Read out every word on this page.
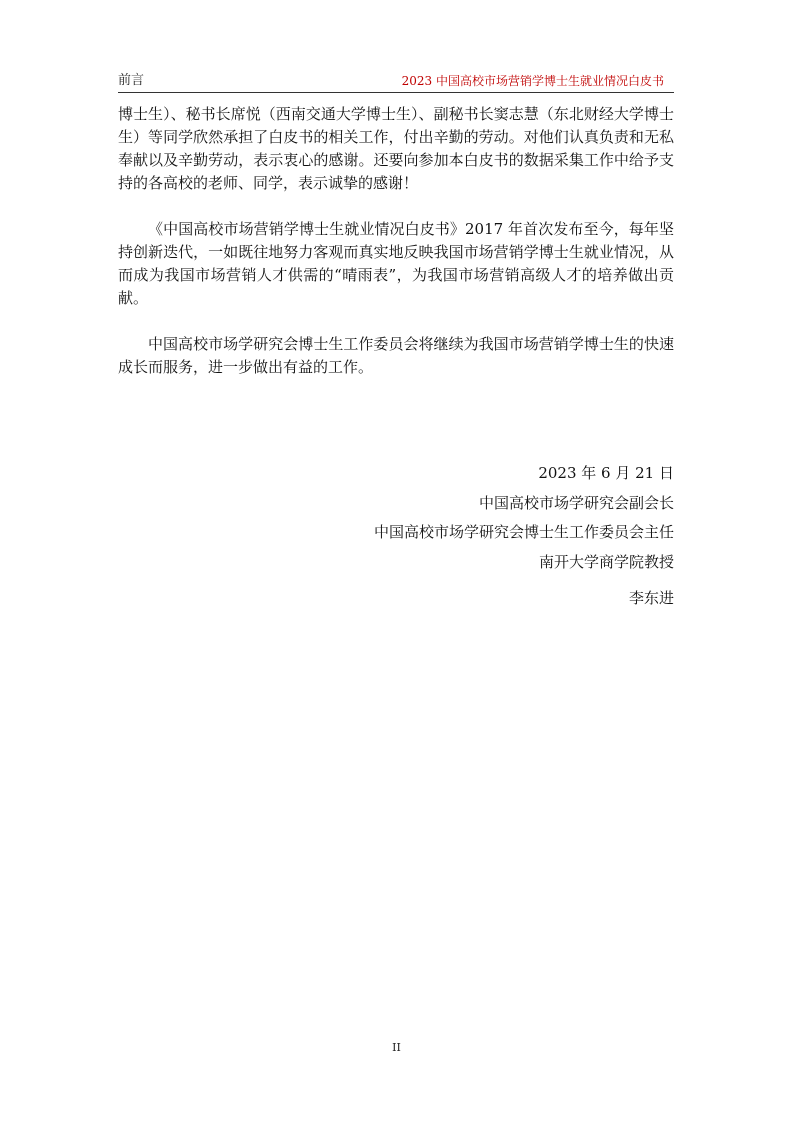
前言	2023 中国高校市场营销学博士生就业情况白皮书

博士生）、秘书长席悦（西南交通大学博士生）、副秘书长窦志慧（东北财经大学博士生）等同学欣然承担了白皮书的相关工作，付出辛勤的劳动。对他们认真负责和无私奉献以及辛勤劳动，表示衷心的感谢。还要向参加本白皮书的数据采集工作中给予支持的各高校的老师、同学，表示诚挚的感谢！

《中国高校市场营销学博士生就业情况白皮书》2017 年首次发布至今，每年坚持创新迭代，一如既往地努力客观而真实地反映我国市场营销学博士生就业情况，从而成为我国市场营销人才供需的“晴雨表”，为我国市场营销高级人才的培养做出贡献。

中国高校市场学研究会博士生工作委员会将继续为我国市场营销学博士生的快速成长而服务，进一步做出有益的工作。

2023 年 6 月 21 日
中国高校市场学研究会副会长
中国高校市场学研究会博士生工作委员会主任
南开大学商学院教授
李东进
II
